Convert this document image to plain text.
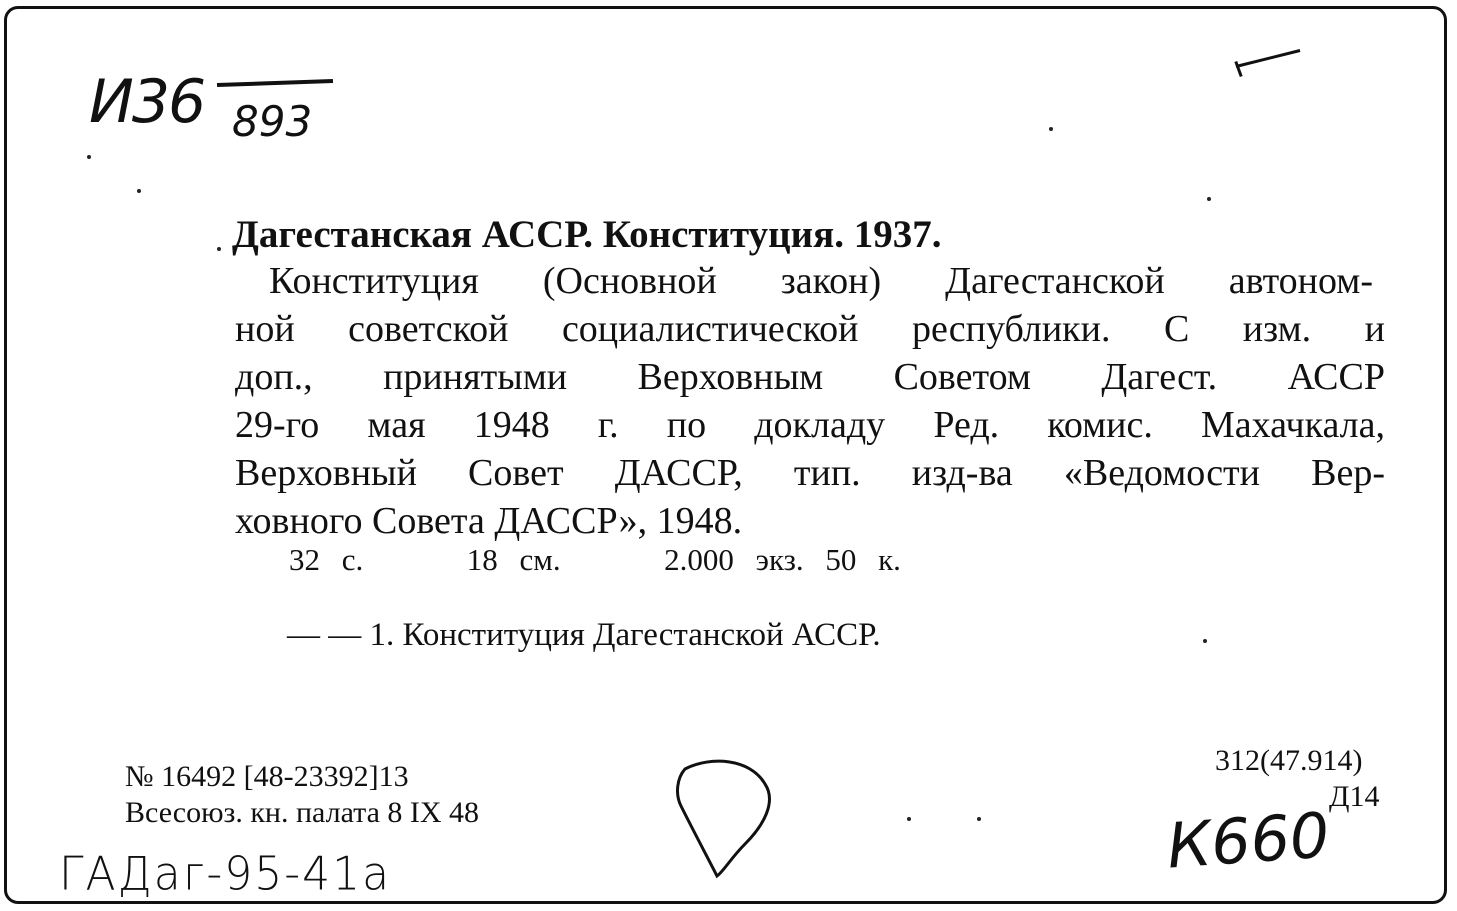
И36 893
Дагестанская АССР. Конституция. 1937.
Конституция (Основной закон) Дагестанской автоном-
ной советской социалистической республики. С изм. и
доп., принятыми Верховным Советом Дагест. АССР
29-го мая 1948 г. по докладу Ред. комис. Махачкала,
Верховный Совет ДАССР, тип. изд-ва «Ведомости Вер-
ховного Совета ДАССР», 1948.
32 с.	18 см.	2.000 экз. 50 к.
— — 1. Конституция Дагестанской АССР.
№ 16492 [48-23392]13
Всесоюз. кн. палата 8 IX 48
312(47.914)
Д14
ГАДаг-95-41а	К660
